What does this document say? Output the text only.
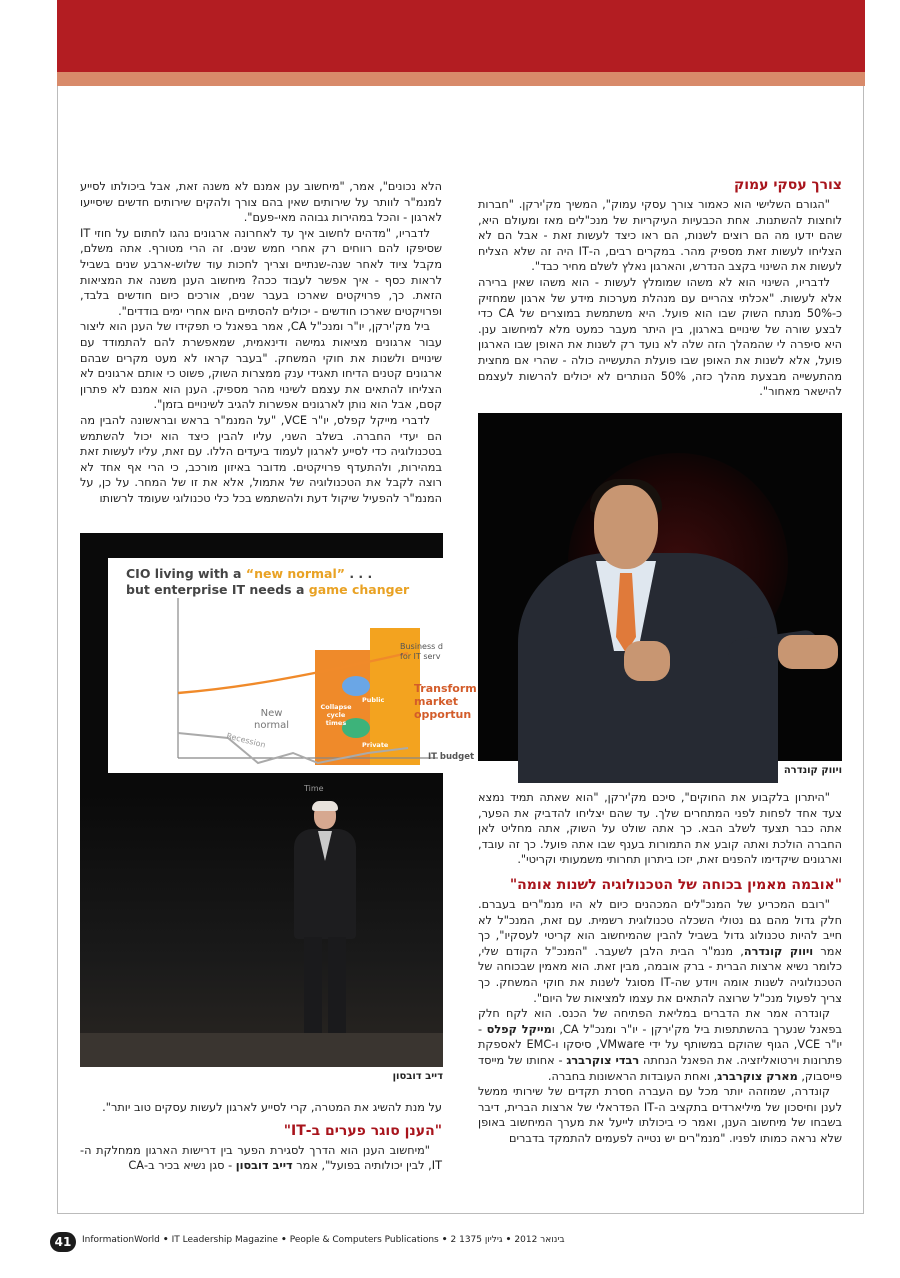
צורך עסקי עמוק

"הגורם השלישי הוא כאמור צורך עסקי עמוק", המשיך מק'ירקן. "חברות לוחצות להשתנות. אחת הכבעיות העיקריות של מנכ"לים מאז ומעולם היא, שהם ידעו מה הם רוצים לשנות, הם ראו כיצד לעשות זאת - אבל הם לא הצליחו לעשות זאת מספיק מהר. במקרים רבים, ה-IT היה זה שלא הצליח לעשות את השינוי בקצב הנדרש, והארגון נאלץ לשלם מחיר כבד".

לדבריו, השינוי הוא לא משהו שמומלץ לעשות - הוא משהו שאין ברירה אלא לעשות. "אכלתי צהריים עם מנהלת מערכות מידע של ארגון שמחזיק כ-50% מנתח השוק שבו הוא פועל. היא משתמשת במוצרים של CA כדי לבצע שורה של שינויים בארגון, בין היתר מעבר כמעט מלא למיחשוב ענן. היא סיפרה לי שהמהלך הזה שלה לא נועד רק לשנות את האופן שבו הארגון פועל, אלא לשנות את האופן שבו פועלת התעשייה כולה - שהרי אם מחצית מהתעשייה מבצעת מהלך כזה, 50% הנותרים לא יכולים להרשות לעצמם להישאר מאחור".

ויווק קונדרה

"היתרון בלקבוע את החוקים", סיכם מק'ירקן, "הוא שאתה תמיד נמצא צעד אחד לפחות לפני המתחרים שלך. עד שהם יצליחו להדביק את הפער, אתה כבר תצעד לשלב הבא. כך אתה שולט על השוק, אתה מחליט לאן החברה הולכת ואתה קובע את התמורות בענף שבו אתה פועל. כך זה עובד, וארגונים שיקדימו להפנים זאת, יזכו ביתרון תחרותי משמעותי וקריטי".

"אובמה מאמין בכוחה של הטכנולוגיה לשנות אומה"

"רובם המכריע של המנכ"לים המכהנים כיום לא היו מנמ"רים בעברם. חלק גדול מהם גם נטולי השכלה טכנולוגית רשמית. עם זאת, המנכ"ל לא חייב להיות טכנולוג גדול בשביל להבין שהמיחשוב הוא קריטי לעסקיו", כך אמר ויווק קונדרה, מנמ"ר הבית הלבן לשעבר. "המנכ"ל הקודם שלי, כלומר נשיא ארצות הברית - ברק אובמה, מבין זאת. הוא מאמין שבכוחה של הטכנולוגיה לשנות אומה ויודע שה-IT מסוגל לשנות את חוקי המשחק. כך צריך לפעול מנכ"ל שרוצה להתאים את עצמו למציאות של היום".

קונדרה אמר את הדברים במליאת הפתיחה של הכנס. הוא לקח חלק בפאנל שנערך בהשתתפות ביל מק'ירקן - יו"ר ומנכ"ל CA, ומייקל קפלס - יו"ר VCE, הגוף שהוקם במשותף על ידי VMware, סיסקו ו-EMC לאספקת פתרונות וירטואליזציה. את הפאנל הנחתה רבדי צוקרברג - אחותו של מייסד פייסבוק, מארק צוקרברג, ואחת העובדות הראשונות בחברה.

קונדרה, שמוזהה יותר מכל עם העברה חסרת תקדים של שירותי ממשל לענן וחיסכון של מיליארדים בתקציב ה-IT הפדראלי של ארצות הברית, דיבר בשבחו של מיחשוב הענן, ואמר כי ביכולתו לייעל את מערך המיחשוב באופן שלא נראה כמותו לפניו. "מנמ"רים יש נטייה לפעמים להתמקד בדברים

הלא נכונים", אמר, "מיחשוב ענן אמנם לא משנה זאת, אבל ביכולתו לסייע למנמ"ר לוותר על שירותים שאין בהם צורך ולהקים שירותים חדשים שיסייעו לארגון - והכל במהירות גבוהה מאי-פעם".

לדבריו, "מדהים לחשוב איך עד לאחרונה ארגונים נהגו לחתום על חוזי IT שסיפקו להם רווחים רק אחרי חמש שנים. זה הרי מטורף. אתה משלם, מקבל ציוד לאחר שנה-שנתיים וצריך לחכות עוד שלוש-ארבע שנים בשביל לראות כסף - איך אפשר לעבוד ככה? מיחשוב הענן משנה את המציאות הזאת. כך, פרויקטים שארכו בעבר שנים, אורכים כיום חודשים בלבד, ופרויקטים שארכו חודשים - יכולים להסתיים היום אחרי ימים בודדים".

ביל מק'ירקן, יו"ר ומנכ"ל CA, אמר בפאנל כי תפקידו של הענן הוא ליצור עבור ארגונים מציאות גמישה ודינאמית, שמאפשרת להם להתמודד עם שינויים ולשנות את חוקי המשחק. "בעבר קראו לא מעט מקרים שבהם ארגונים קטנים הדיחו תאגידי ענק ממצרות השוק, פשוט כי אותם ארגונים לא הצליחו להתאים את עצמם לשינוי מהר מספיק. הענן הוא אמנם לא פתרון קסם, אבל הוא נותן לארגונים אפשרות להגיב לשינויים בזמן".

לדברי מייקל קפלס, יו"ר VCE, "על המנמ"ר בראש ובראשונה להבין מה הם יעדי החברה. בשלב השני, עליו להבין כיצד הוא יכול להשתמש בטכנולוגיה כדי לסייע לארגון לעמוד ביעדים הללו. עם זאת, עליו לעשות זאת במהירות, ולהתעדף פרויקטים. מדובר באיזון מורכב, כי הרי אף אחד לא רוצה לקבל את הטכנולוגיה של אתמול, אלא את זו של המחר. על כן, על המנמ"ר להפעיל שיקול דעת ולהשתמש בכל כלי טכנולוגי שעומד לרשותו

CIO living with a “new normal” . . .
but enterprise IT needs a game changer
Business d
for IT serv
Transform
market
opportun
New
normal
Recession
IT budget
Time
Collapse
cycle
times
Public
Private
דייב דובסון

על מנת להשיג את המטרה, קרי לסייע לארגון לעשות עסקים טוב יותר".

"הענן סוגר פערים ב-IT"

"מיחשוב הענן הוא הדרך לסגירת הפער בין דרישות הארגון ממחלקת ה-IT, לבין יכולותיה בפועל", אמר דייב דובסון - סגן נשיא בכיר ב-CA

41	InformationWorld • IT Leadership Magazine • People & Computers Publications • 2 בינואר 2012•גיליון 1375
